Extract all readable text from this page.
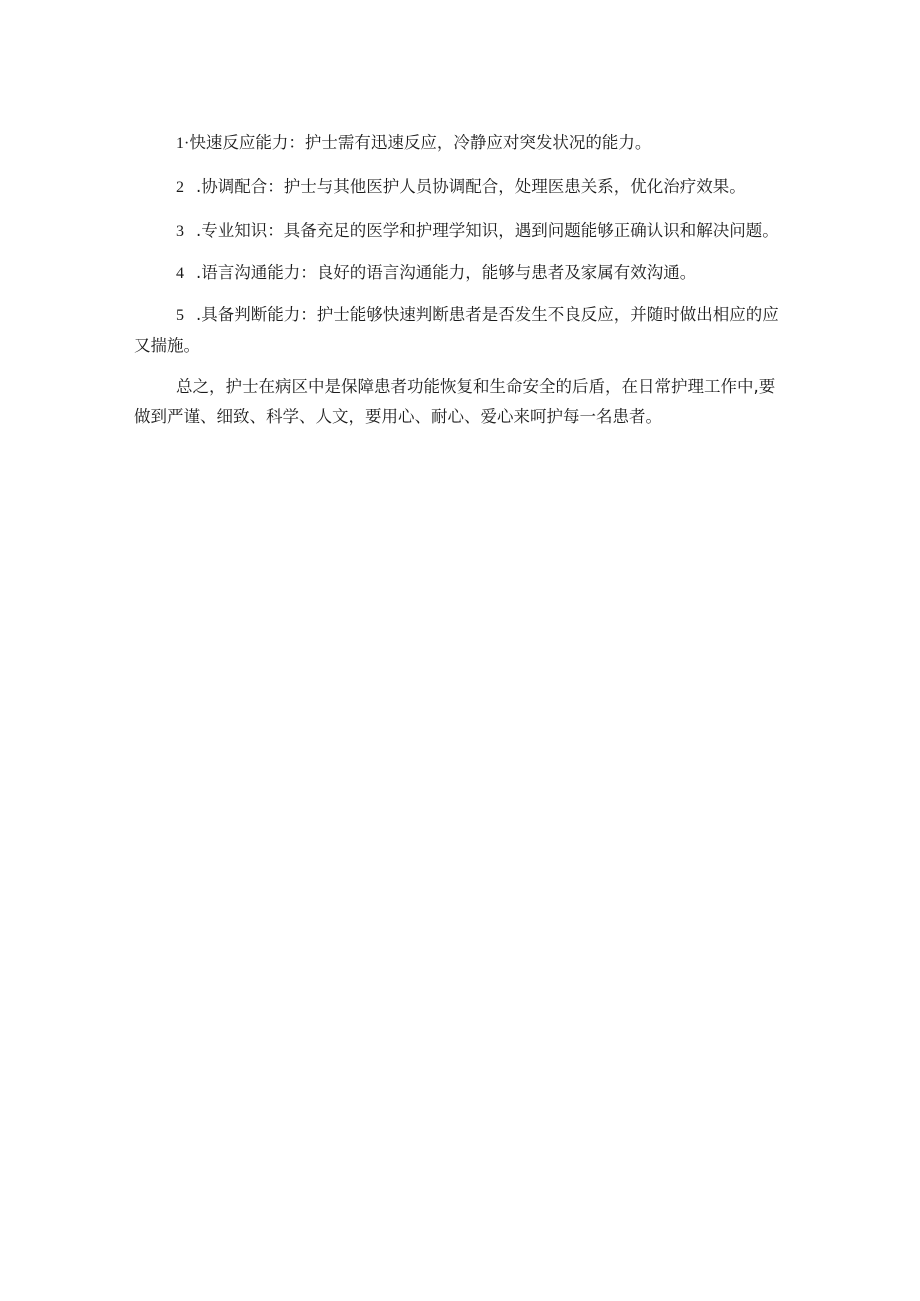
1·快速反应能力：护士需有迅速反应，冷静应对突发状况的能力。

2   .协调配合：护士与其他医护人员协调配合，处理医患关系，优化治疗效果。

3   .专业知识：具备充足的医学和护理学知识，遇到问题能够正确认识和解决问题。

4   .语言沟通能力：良好的语言沟通能力，能够与患者及家属有效沟通。

5   .具备判断能力：护士能够快速判断患者是否发生不良反应，并随时做出相应的应又揣施。

总之，护士在病区中是保障患者功能恢复和生命安全的后盾，在日常护理工作中,要做到严谨、细致、科学、人文，要用心、耐心、爱心来呵护每一名患者。
